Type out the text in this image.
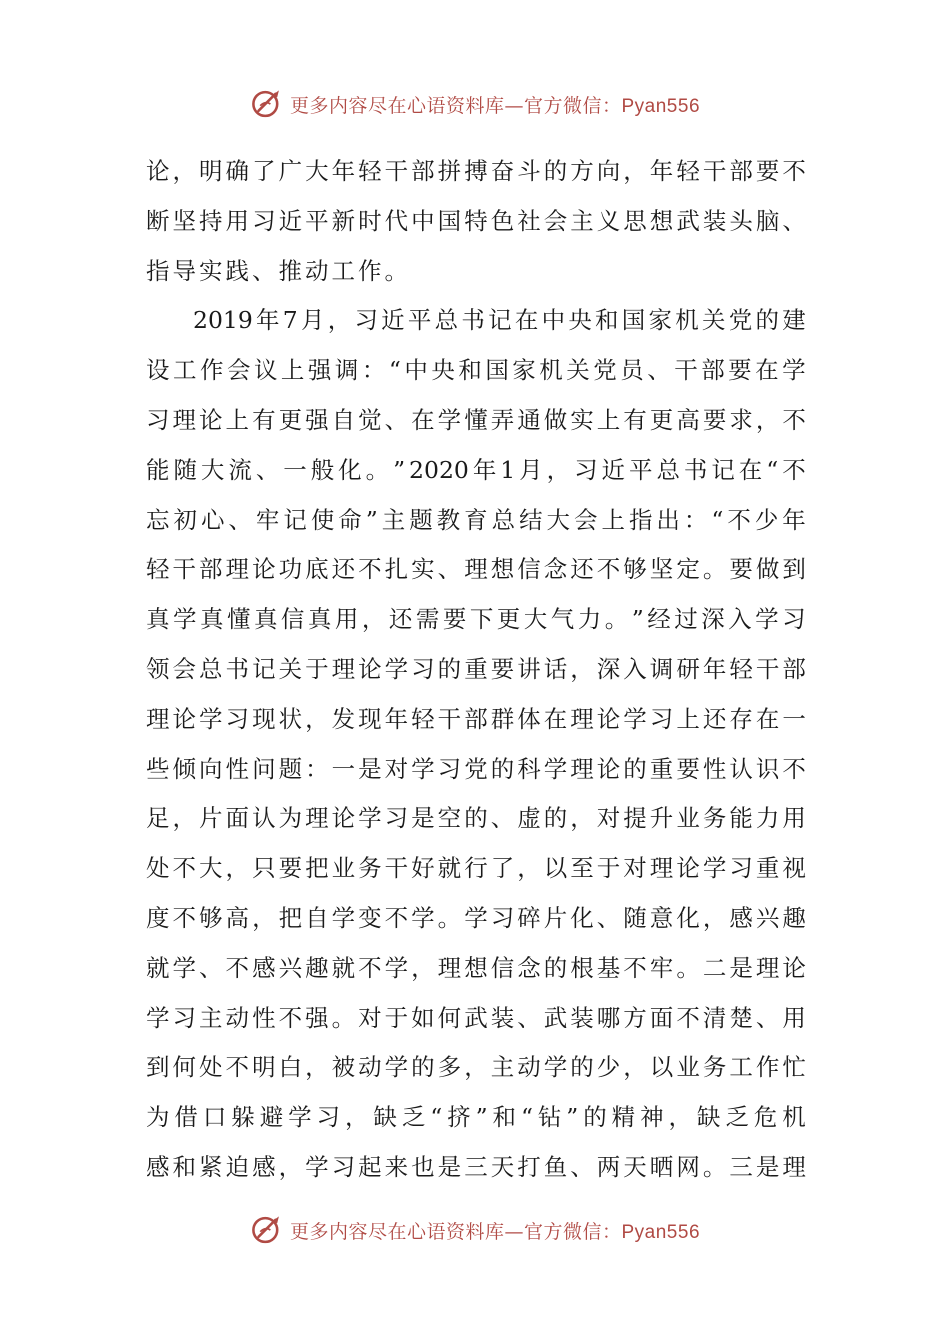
更多内容尽在心语资料库—官方微信：Pyan556
论 ， 明 确 了 广 大 年 轻 干 部 拼 搏 奋 斗 的 方 向 ， 年 轻 干 部 要 不
断 坚 持 用 习 近 平 新 时 代 中 国 特 色 社 会 主 义 思 想 武 装 头 脑 、
指导实践、推动工作。
2019 年 7 月 ， 习 近 平 总 书 记 在 中 央 和 国 家 机 关 党 的 建
设 工 作 会 议 上 强 调 ： “ 中 央 和 国 家 机 关 党 员 、 干 部 要 在 学
习 理 论 上 有 更 强 自 觉 、 在 学 懂 弄 通 做 实 上 有 更 高 要 求 ， 不
能 随 大 流 、 一 般 化 。 ” 2020 年 1 月 ， 习 近 平 总 书 记 在 “ 不
忘 初 心 、 牢 记 使 命 ” 主 题 教 育 总 结 大 会 上 指 出 ： “ 不 少 年
轻 干 部 理 论 功 底 还 不 扎 实 、 理 想 信 念 还 不 够 坚 定 。 要 做 到
真 学 真 懂 真 信 真 用 ， 还 需 要 下 更 大 气 力 。 ” 经 过 深 入 学 习
领 会 总 书 记 关 于 理 论 学 习 的 重 要 讲 话 ， 深 入 调 研 年 轻 干 部
理 论 学 习 现 状 ， 发 现 年 轻 干 部 群 体 在 理 论 学 习 上 还 存 在 一
些 倾 向 性 问 题 ： 一 是 对 学 习 党 的 科 学 理 论 的 重 要 性 认 识 不
足 ， 片 面 认 为 理 论 学 习 是 空 的 、 虚 的 ， 对 提 升 业 务 能 力 用
处 不 大 ， 只 要 把 业 务 干 好 就 行 了 ， 以 至 于 对 理 论 学 习 重 视
度 不 够 高 ， 把 自 学 变 不 学 。 学 习 碎 片 化 、 随 意 化 ， 感 兴 趣
就 学 、 不 感 兴 趣 就 不 学 ， 理 想 信 念 的 根 基 不 牢 。 二 是 理 论
学 习 主 动 性 不 强 。 对 于 如 何 武 装 、 武 装 哪 方 面 不 清 楚 、 用
到 何 处 不 明 白 ， 被 动 学 的 多 ， 主 动 学 的 少 ， 以 业 务 工 作 忙
为 借 口 躲 避 学 习 ， 缺 乏 “ 挤 ” 和 “ 钻 ” 的 精 神 ， 缺 乏 危 机
感 和 紧 迫 感 ， 学 习 起 来 也 是 三 天 打 鱼 、 两 天 晒 网 。 三 是 理
更多内容尽在心语资料库—官方微信：Pyan556
